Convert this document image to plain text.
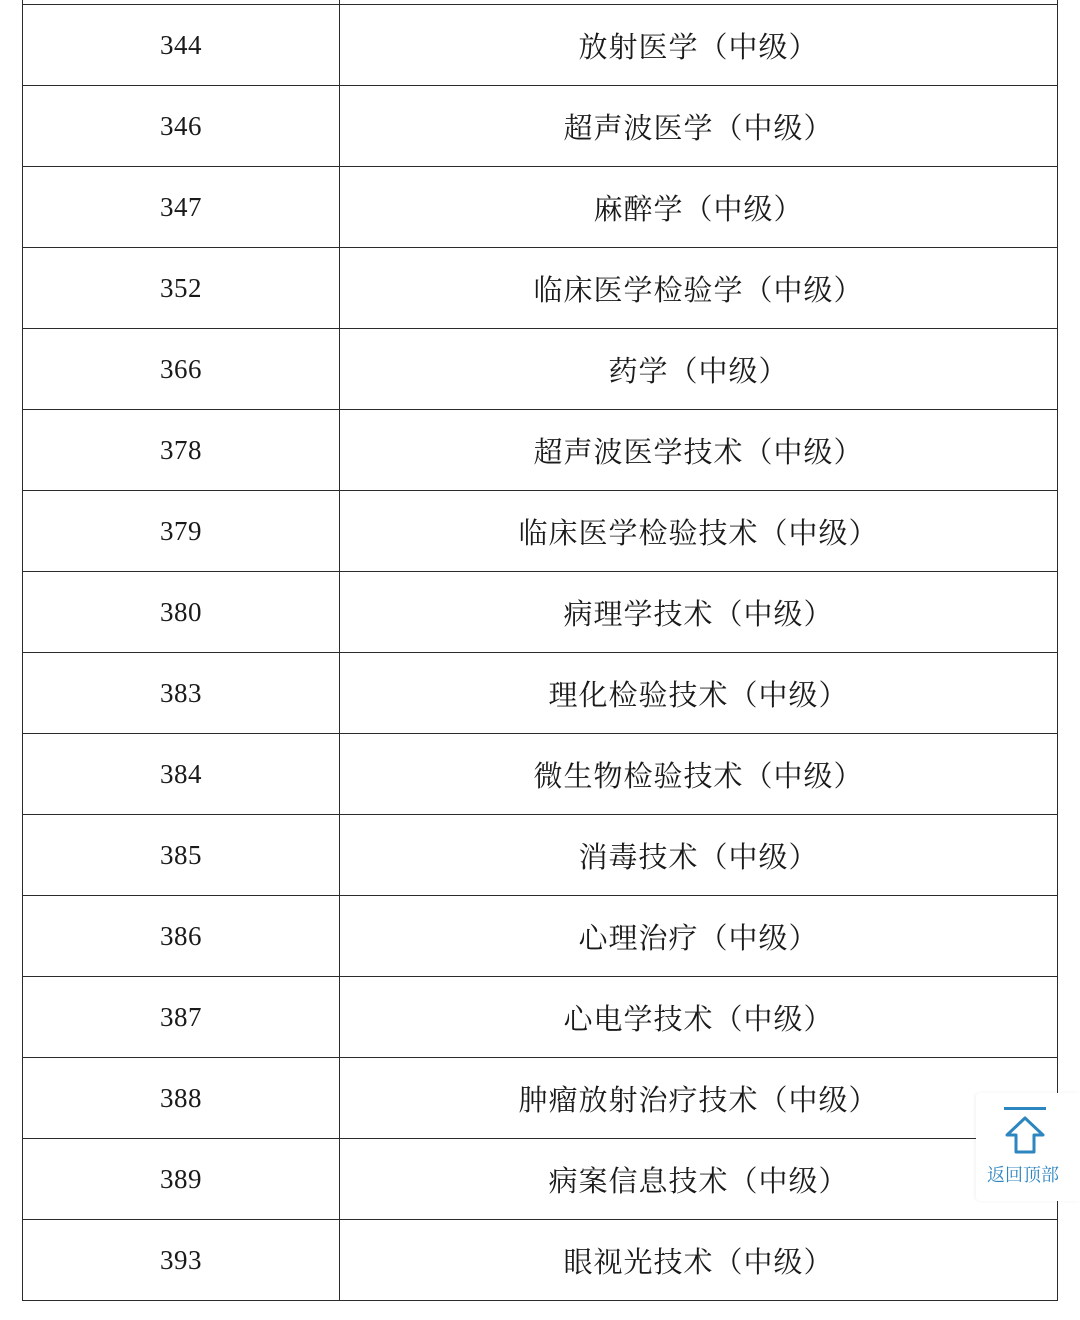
344	放射医学（中级）
346	超声波医学（中级）
347	麻醉学（中级）
352	临床医学检验学（中级）
366	药学（中级）
378	超声波医学技术（中级）
379	临床医学检验技术（中级）
380	病理学技术（中级）
383	理化检验技术（中级）
384	微生物检验技术（中级）
385	消毒技术（中级）
386	心理治疗（中级）
387	心电学技术（中级）
388	肿瘤放射治疗技术（中级）
389	病案信息技术（中级）
393	眼视光技术（中级）
返回顶部
